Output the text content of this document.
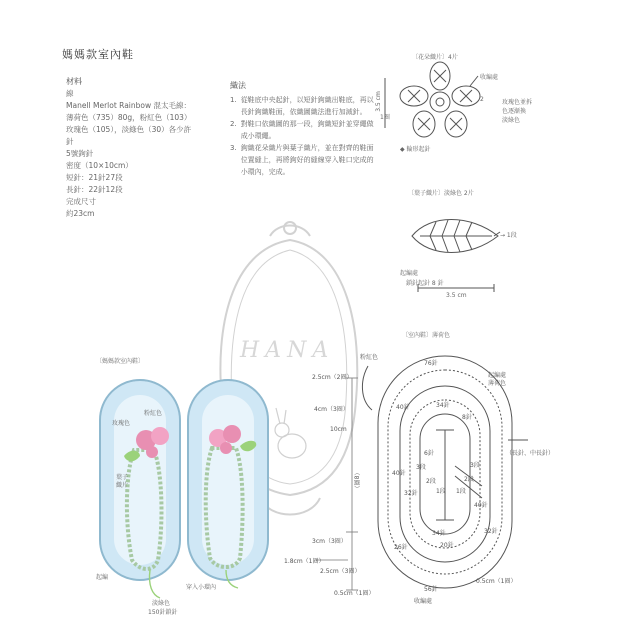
HANA
媽媽款室內鞋
材料
線
Manell Merlot Rainbow 混太毛線：
薄荷色（735）80g，粉紅色（103）
玫瑰色（105），淡綠色（30）各少許
針
5號鉤針
密度（10×10cm）
短針：21針27段
長針：22針12段
完成尺寸
約23cm
織法
1. 從鞋底中央起針，以短針鉤織出鞋底，再以長針鉤織鞋面，依織圖織法進行加減針。
2. 對鞋口依織圖的那一段，鉤織短針並穿繩做成小環繩。
3. 鉤織花朵織片與葉子織片，並在對齊的鞋面位置縫上，再將鉤好的縫線穿入鞋口完成的小環內，完成。
〔花朵織片〕4片
3.5 cm
1圈
2
收編處
玫瑰色並拆
色逐漸換
淡綠色
◆ 輪形起針
〔葉子織片〕淡綠色 2片
→ 1段
起編處
鎖針起針 8 針
3.5 cm
〔室內鞋〕薄荷色
76針
起編處
薄荷色
粉紅色
40針	34針
8針
40針
32針
6針
3段
2段
1段 1段
2段
3段
40針
34針
20針
32針
26針
（長針、中長針）
收編處
56針
0.5cm（1圈）
2.5cm（2圈）
4cm（3圈）
10cm
（8圈）
3cm（3圈）
1.8cm（1圈）
2.5cm（3圈）
0.5cm（1圈）
〔媽媽款室內鞋〕
粉紅色
玫瑰色
葉子
織片
起編
穿入小環內
淡綠色
150針鎖針
